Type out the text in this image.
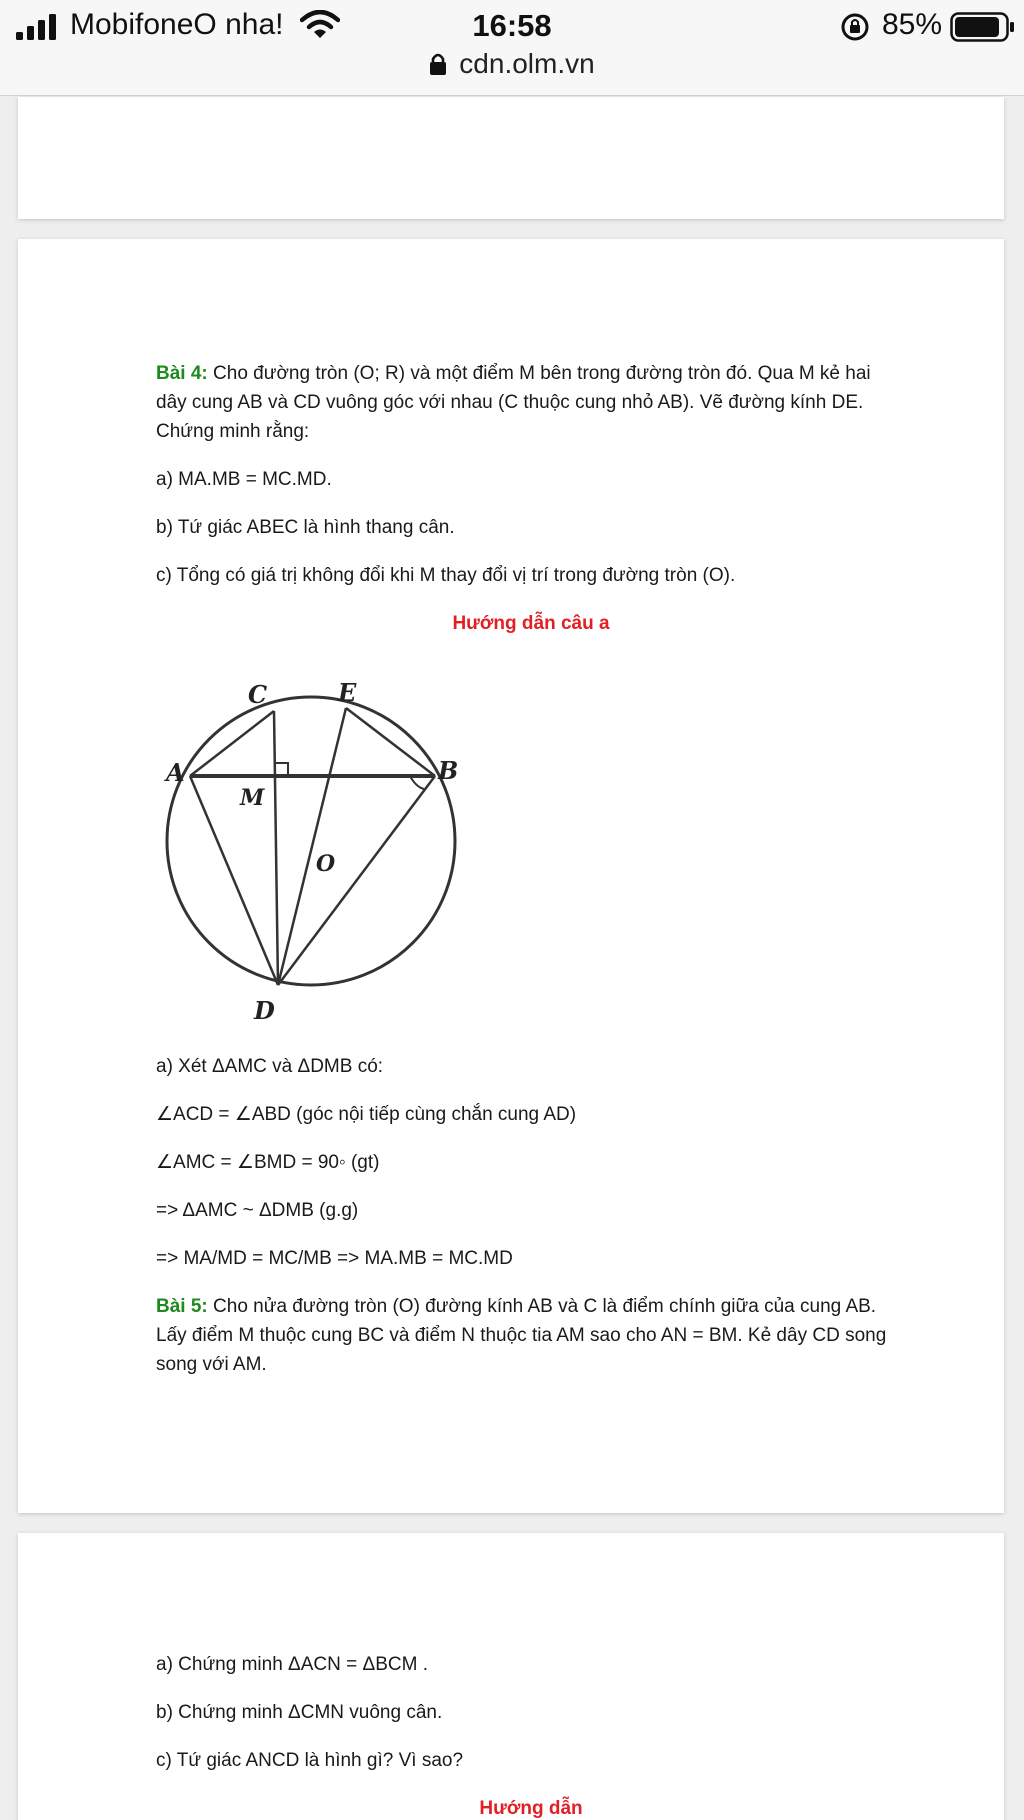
MobifoneO nha!	16:58	85%
cdn.olm.vn
Bài 4: Cho đường tròn (O; R) và một điểm M bên trong đường tròn đó. Qua M kẻ hai dây cung AB và CD vuông góc với nhau (C thuộc cung nhỏ AB). Vẽ đường kính DE. Chứng minh rằng:
a) MA.MB = MC.MD.
b) Tứ giác ABEC là hình thang cân.
c) Tổng có giá trị không đổi khi M thay đổi vị trí trong đường tròn (O).
Hướng dẫn câu a
C	E
A	B
M
O
D
a) Xét ΔAMC và ΔDMB có:
∠ACD = ∠ABD (góc nội tiếp cùng chắn cung AD)
∠AMC = ∠BMD = 90◦ (gt)
=> ΔAMC ~ ΔDMB (g.g)
=> MA/MD = MC/MB => MA.MB = MC.MD
Bài 5: Cho nửa đường tròn (O) đường kính AB và C là điểm chính giữa của cung AB. Lấy điểm M thuộc cung BC và điểm N thuộc tia AM sao cho AN = BM. Kẻ dây CD song song với AM.
a) Chứng minh ΔACN = ΔBCM .
b) Chứng minh ΔCMN vuông cân.
c) Tứ giác ANCD là hình gì? Vì sao?
Hướng dẫn
